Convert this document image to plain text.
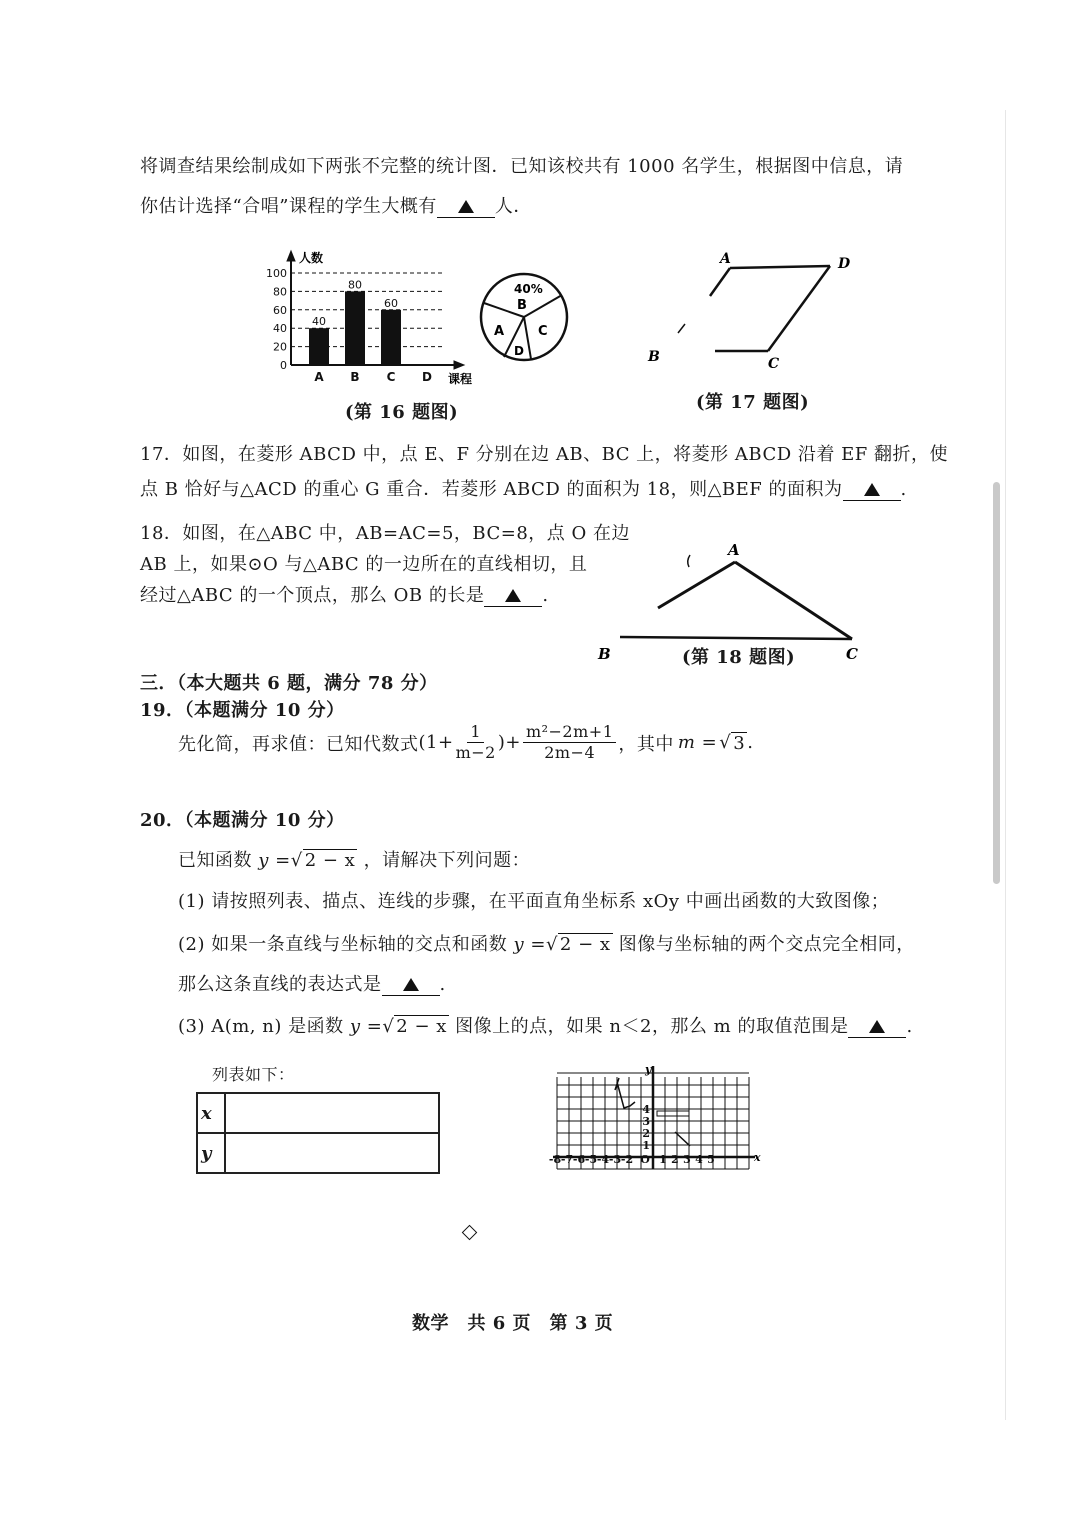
将调查结果绘制成如下两张不完整的统计图．已知该校共有 1000 名学生，根据图中信息，请
你估计选择“合唱”课程的学生大概有	人．
0
20
40
60
80
100
40
A
80
B
60
C D
人数
课程
40%
B
A	C
D
(第 16 题图)
A
B	C
D
(第 17 题图)
17．如图，在菱形 ABCD 中，点 E、F 分别在边 AB、BC 上，将菱形 ABCD 沿着 EF 翻折，使
点 B 恰好与△ACD 的重心 G 重合．若菱形 ABCD 的面积为 18，则△BEF 的面积为	.
18．如图，在△ABC 中，AB=AC=5，BC=8，点 O 在边
AB 上，如果⊙O 与△ABC 的一边所在的直线相切，且
经过△ABC 的一个顶点，那么 OB 的长是	.
A
B	C
(第 18 题图)
三．（本大题共 6 题，满分 78 分）
19．（本题满分 10 分）
先化简，再求值：已知代数式 ($1+ \frac{1}{m-2}$ )+ $\frac{\text{m²−2m+1}}{2m-4}$ ，其中 m = √ 3 .
20．（本题满分 10 分）
已知函数 y =√ 2 − x ，请解决下列问题：
(1) 请按照列表、描点、连线的步骤，在平面直角坐标系 xOy 中画出函数的大致图像；
(2) 如果一条直线与坐标轴的交点和函数 y =√ 2 − x 图像与坐标轴的两个交点完全相同，
那么这条直线的表达式是	.
(3) A(m, n) 是函数 y =√ 2 − x 图像上的点，如果 n＜2，那么 m 的取值范围是	.
列表如下：
x	
y		x
y
-8 -7 -6 -5 -4 -3 -2 O 1 2 3 4 5
4
3
2
1
数学　共 6 页　第 3 页
